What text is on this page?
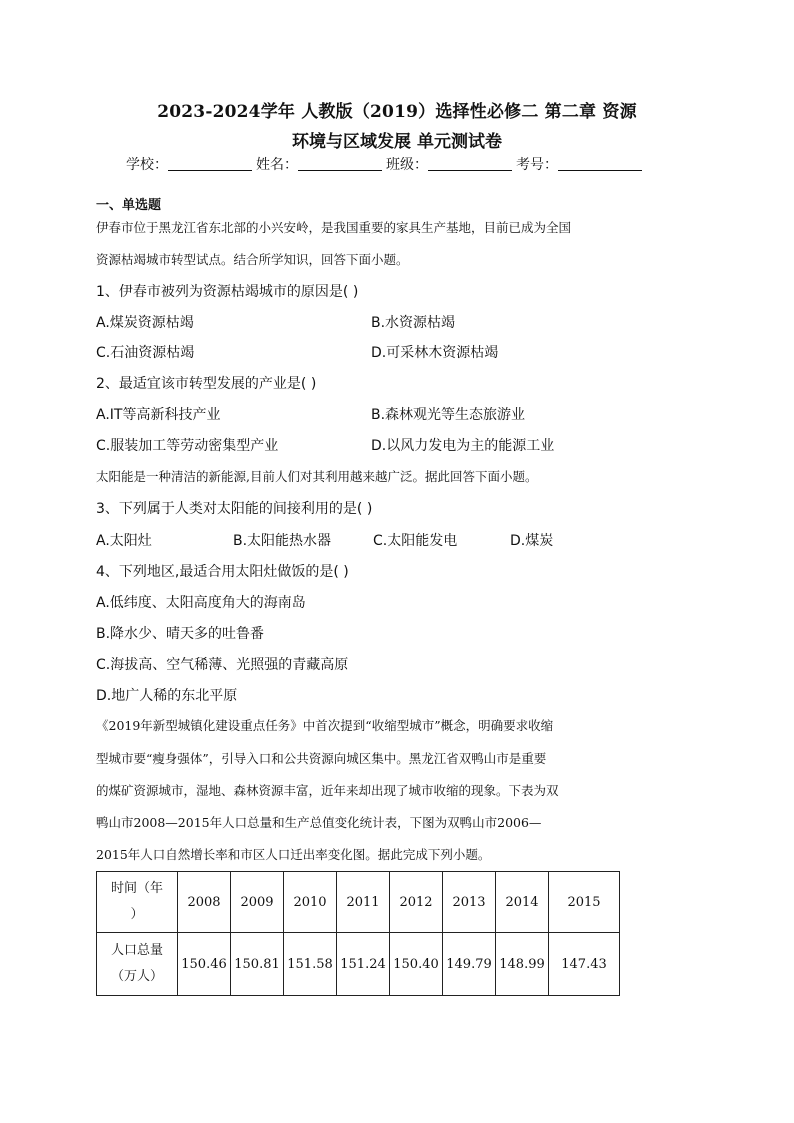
2023-2024学年 人教版（2019）选择性必修二 第二章 资源
环境与区域发展 单元测试卷
学校：	姓名：	班级：	考号：
一、单选题
伊春市位于黑龙江省东北部的小兴安岭，是我国重要的家具生产基地，目前已成为全国
资源枯竭城市转型试点。结合所学知识，回答下面小题。
1、伊春市被列为资源枯竭城市的原因是( )
A.煤炭资源枯竭	B.水资源枯竭
C.石油资源枯竭	D.可采林木资源枯竭
2、最适宜该市转型发展的产业是( )
A.IT等高新科技产业	B.森林观光等生态旅游业
C.服装加工等劳动密集型产业	D.以风力发电为主的能源工业
太阳能是一种清洁的新能源,目前人们对其利用越来越广泛。据此回答下面小题。
3、下列属于人类对太阳能的间接利用的是( )
A.太阳灶	B.太阳能热水器	C.太阳能发电	D.煤炭
4、下列地区,最适合用太阳灶做饭的是( )
A.低纬度、太阳高度角大的海南岛
B.降水少、晴天多的吐鲁番
C.海拔高、空气稀薄、光照强的青藏高原
D.地广人稀的东北平原
《2019年新型城镇化建设重点任务》中首次提到“收缩型城市”概念，明确要求收缩
型城市要“瘦身强体”，引导入口和公共资源向城区集中。黑龙江省双鸭山市是重要
的煤矿资源城市，湿地、森林资源丰富，近年来却出现了城市收缩的现象。下表为双
鸭山市2008—2015年人口总量和生产总值变化统计表，下图为双鸭山市2006—
2015年人口自然增长率和市区人口迁出率变化图。据此完成下列小题。
时间（年
）	2008	2009	2010	2011	2012	2013	2014	2015

人口总量
（万人）	150.46	150.81	151.58	151.24	150.40	149.79	148.99	147.43
